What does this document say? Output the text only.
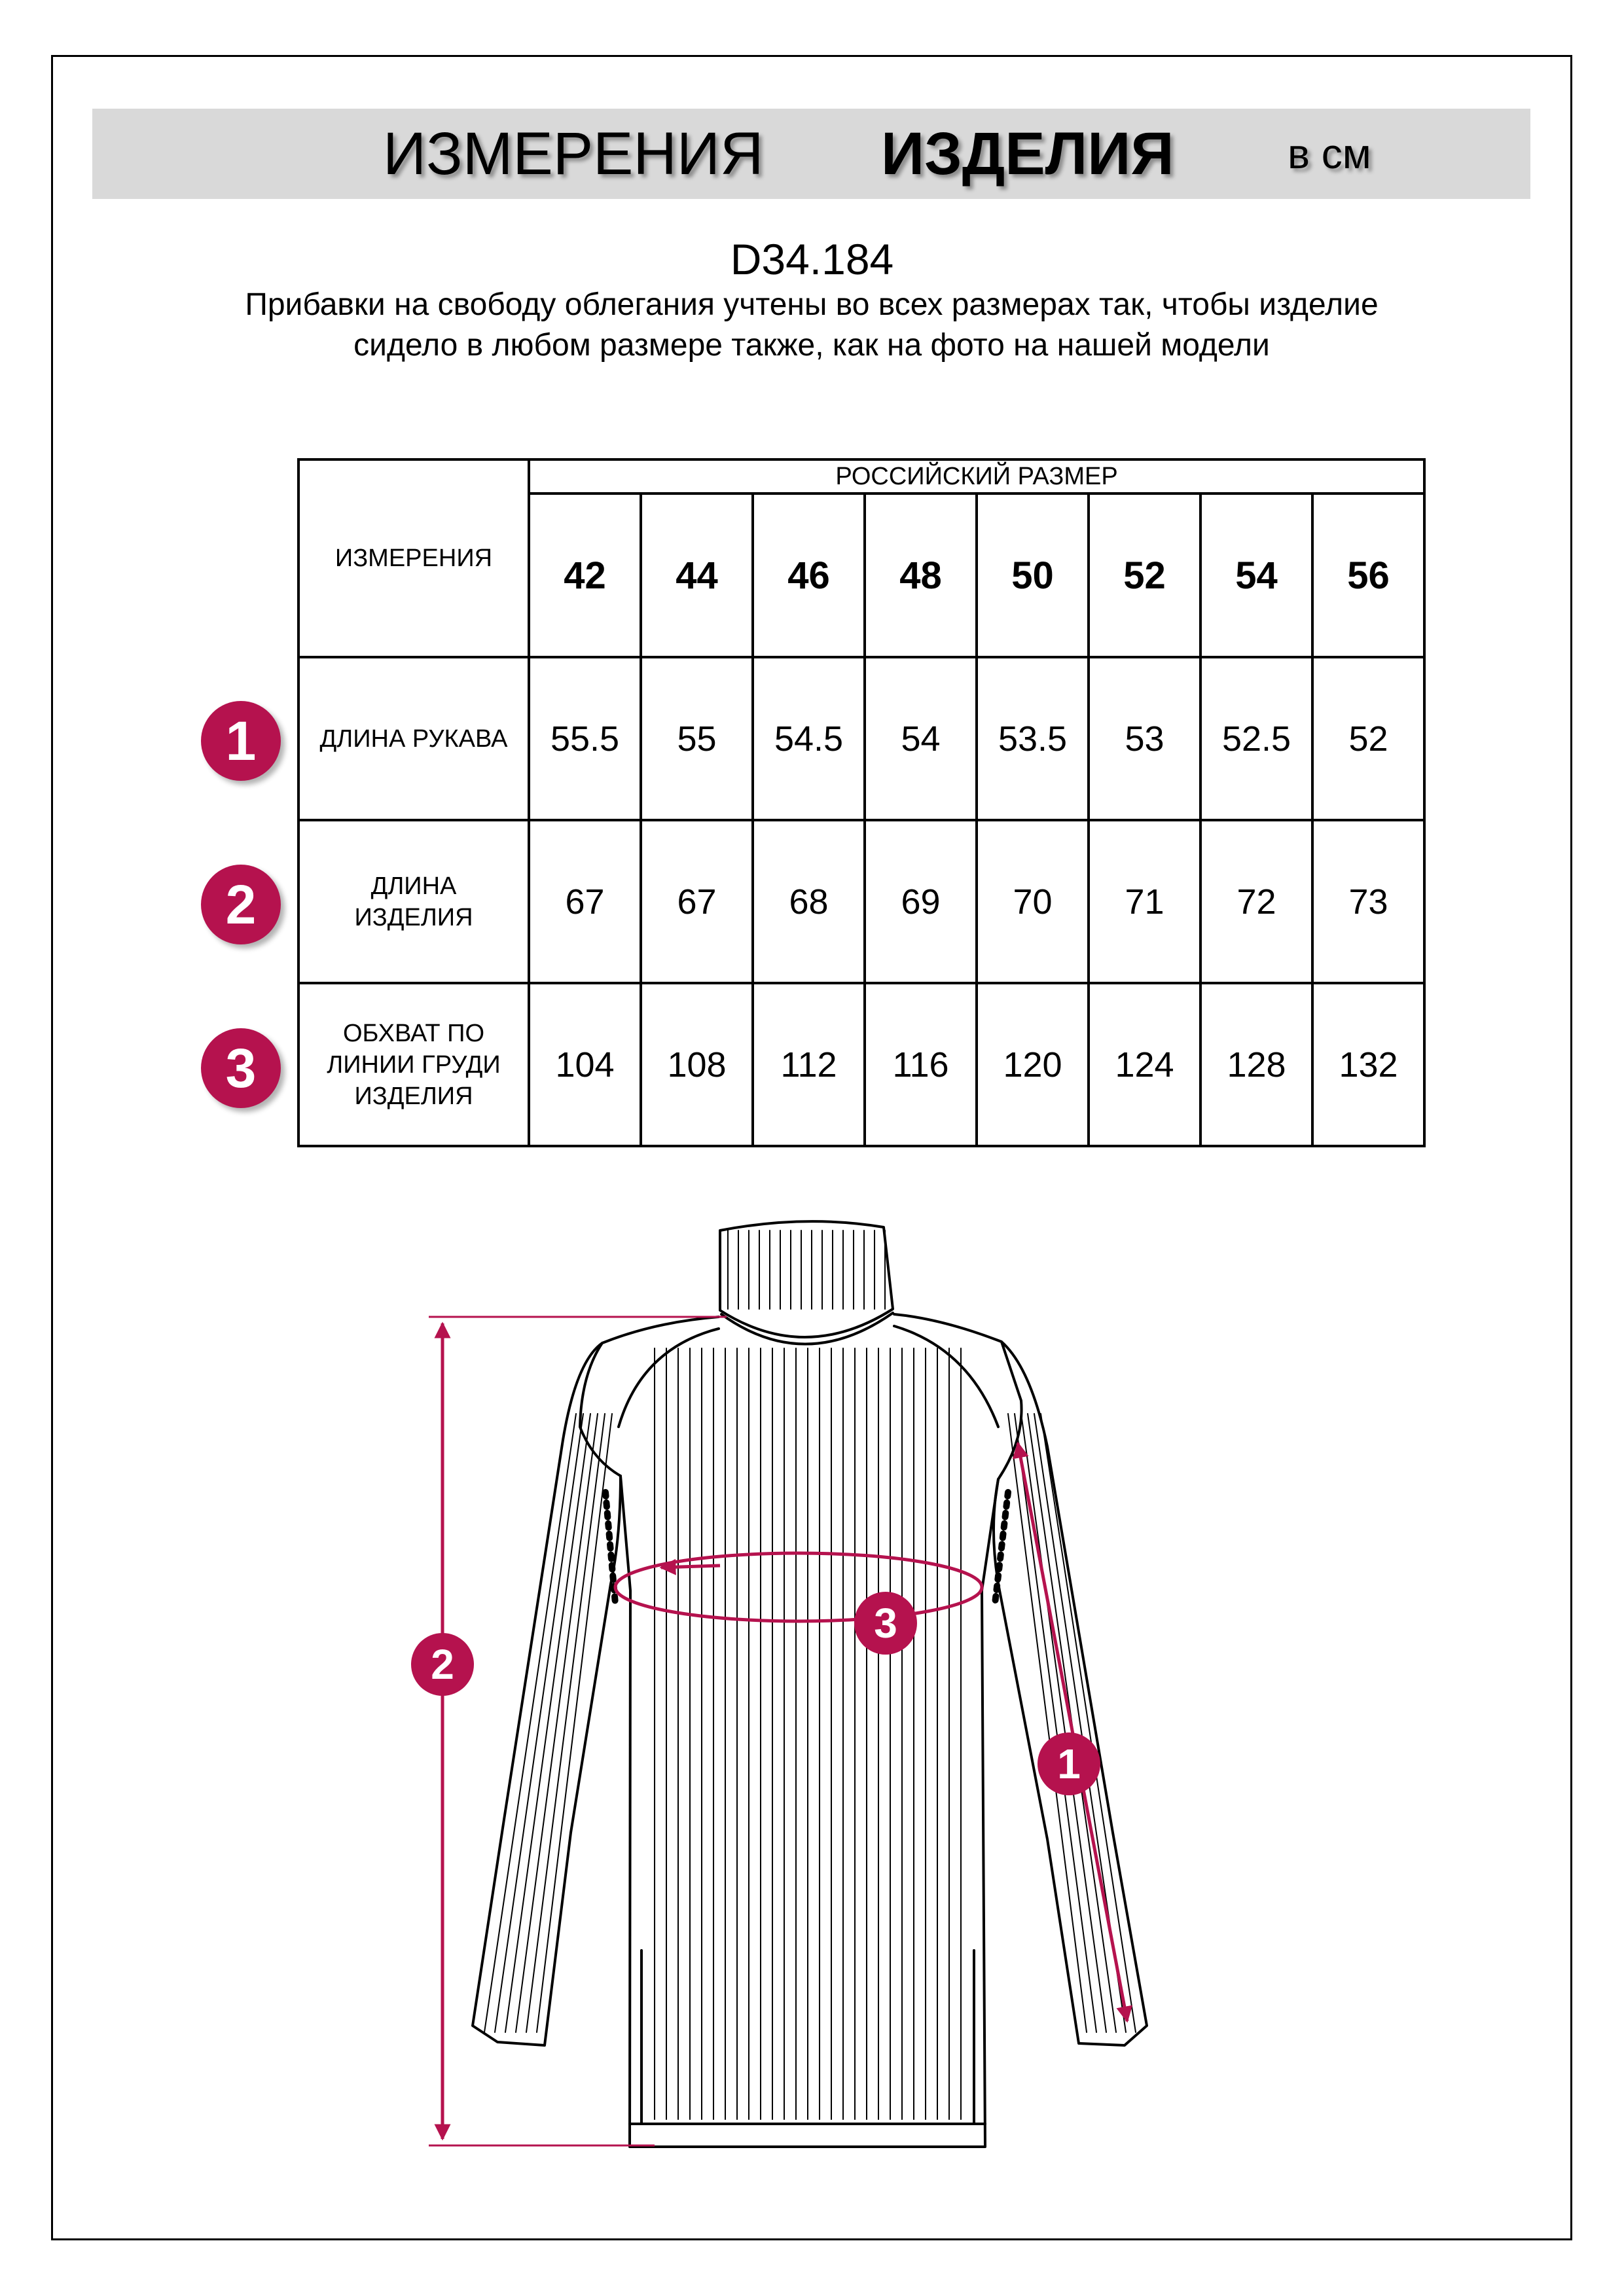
ИЗМЕРЕНИЯ ИЗДЕЛИЯ	в см
D34.184
Прибавки на свободу облегания учтены во всех размерах так, чтобы изделие сидело в любом размере также, как на фото на нашей модели
ИЗМЕРЕНИЯ	РОССИЙСКИЙ РАЗМЕР							
	42	44	46	48	50	52	54	56
ДЛИНА РУКАВА	55.5	55	54.5	54	53.5	53	52.5	52
ДЛИНА ИЗДЕЛИЯ	67	67	68	69	70	71	72	73
ОБХВАТ ПО ЛИНИИ ГРУДИ ИЗДЕЛИЯ	104	108	112	116	120	124	128	132
1
2
3
2
3
1
